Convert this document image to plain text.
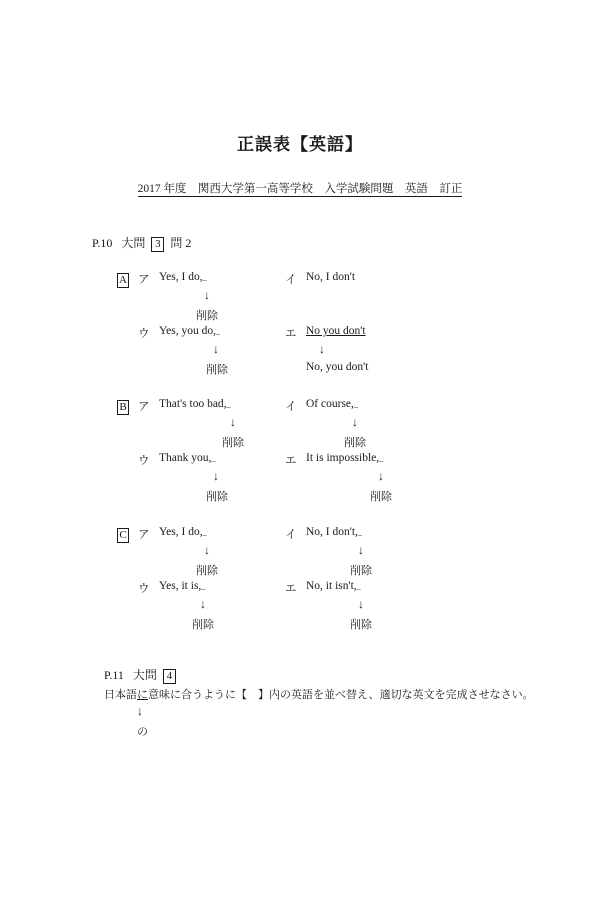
正誤表【英語】
2017 年度　関西大学第一高等学校　入学試験問題　英語　訂正
P.10 大問 3 問 2
A ア Yes, I do,_	イ No, I don't
↓
削除
ウ Yes, you do,_	エ No you don't
↓	↓
削除	No, you don't
B ア That's too bad,_	イ Of course,_
↓	↓
削除	削除
ウ Thank you,_	エ It is impossible,_
↓	↓
削除	削除
C ア Yes, I do,_	イ No, I don't,_
↓	↓
削除	削除
ウ Yes, it is,_	エ No, it isn't,_
↓	↓
削除	削除
P.11 大問 4
日本語に意味に合うように【　】内の英語を並べ替え、適切な英文を完成させなさい。
↓
の
